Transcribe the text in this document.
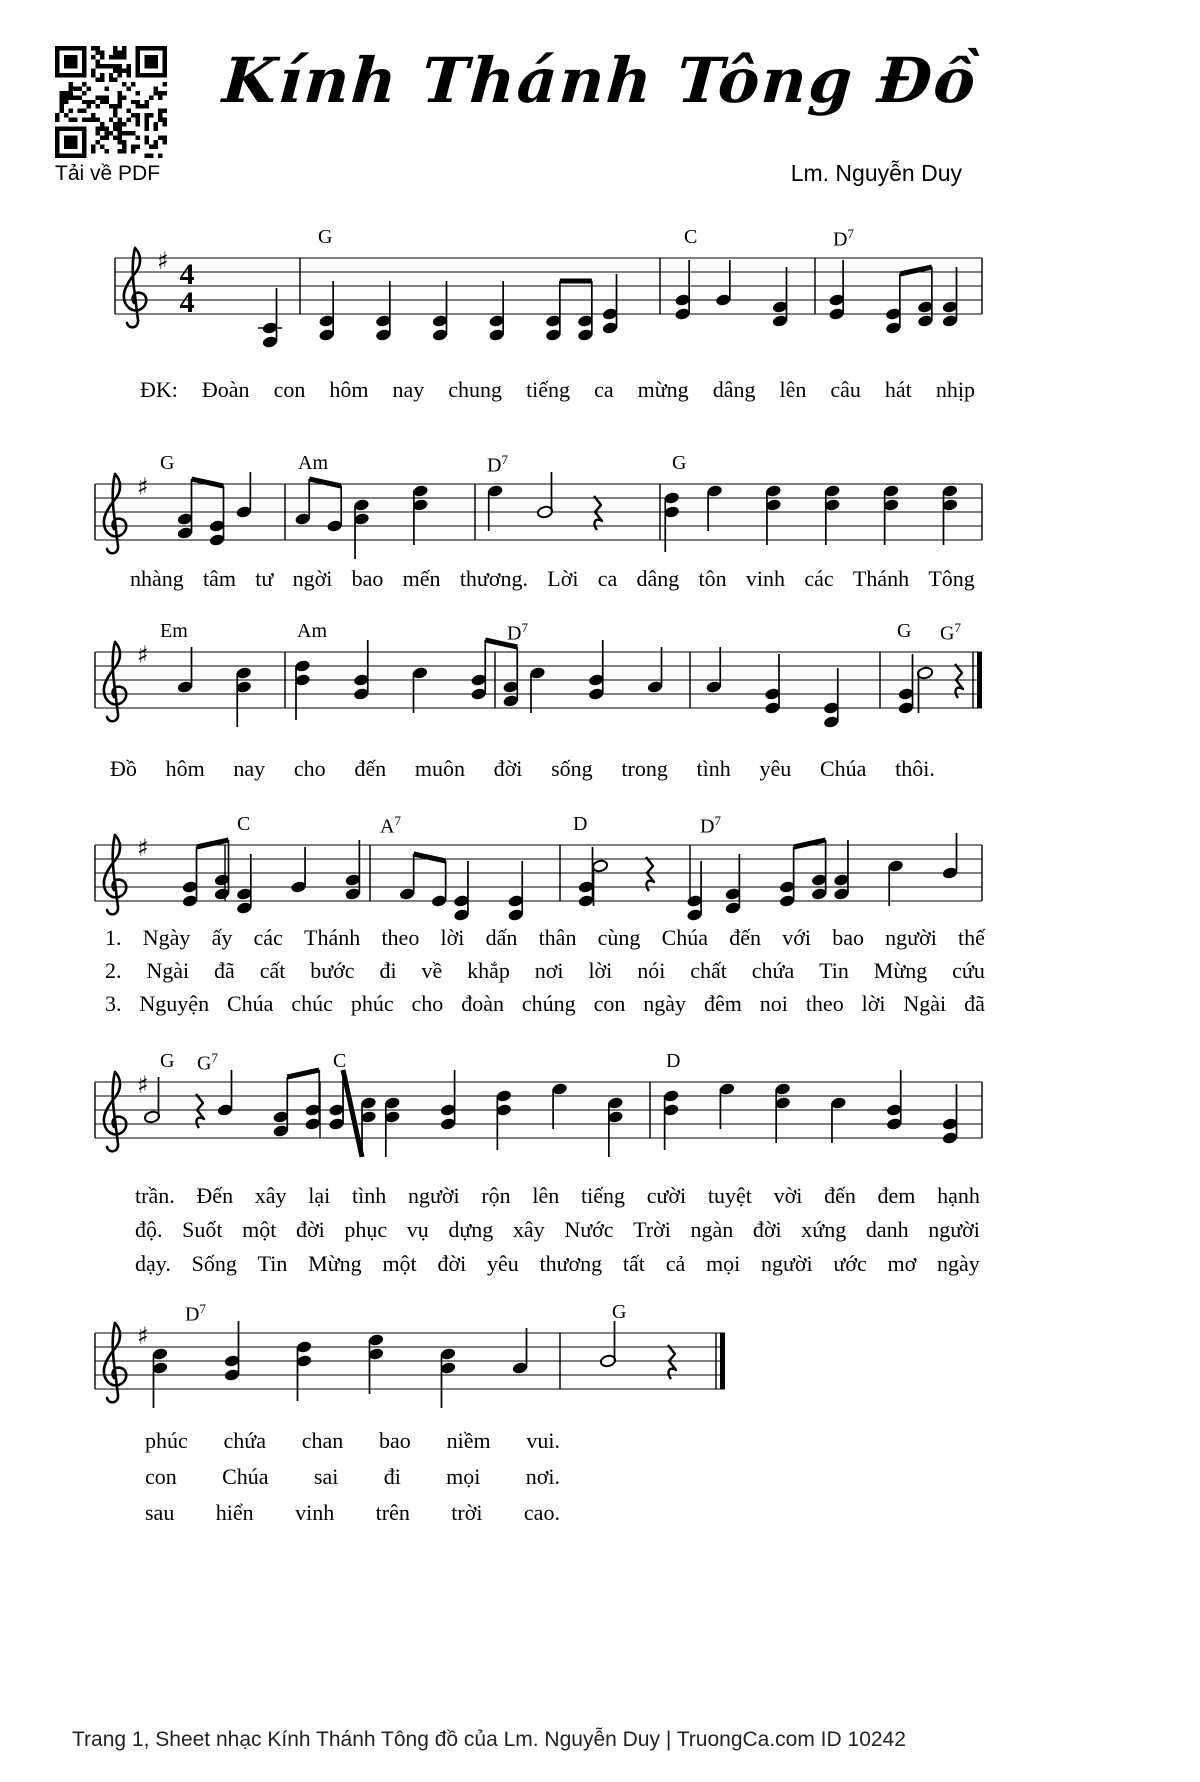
Tải về PDF
Kính Thánh Tông Đồ
Lm. Nguyễn Duy
♯ 4
4
♯
♯
♯
♯
♯
G	C	$D^7$
ĐK: Đoàn con hôm nay chung tiếng ca mừng dâng lên câu hát nhịp
G	Am	$D^7$	G
nhàng tâm tư ngời bao mến thương. Lời ca dâng tôn vinh các Thánh Tông
Em	Am	$D^7$	G $G^7$
Đồ hôm nay cho đến muôn đời sống trong tình yêu Chúa thôi.
C	$A^7$	D	$D^7$
1. Ngày ấy các Thánh theo lời dấn thân cùng Chúa đến với bao người thế
2. Ngài đã cất bước đi về khắp nơi lời nói chất chứa Tin Mừng cứu
3. Nguyện Chúa chúc phúc cho đoàn chúng con ngày đêm noi theo lời Ngài đã
G $G^7$	C	D
trần. Đến xây lại tình người rộn lên tiếng cười tuyệt vời đến đem hạnh
độ. Suốt một đời phục vụ dựng xây Nước Trời ngàn đời xứng danh người
dạy. Sống Tin Mừng một đời yêu thương tất cả mọi người ước mơ ngày
$D^7$	G
phúc chứa chan bao niềm vui.
con Chúa sai đi mọi nơi.
sau hiển vinh trên trời cao.
Trang 1, Sheet nhạc Kính Thánh Tông đồ của Lm. Nguyễn Duy | TruongCa.com ID 10242
